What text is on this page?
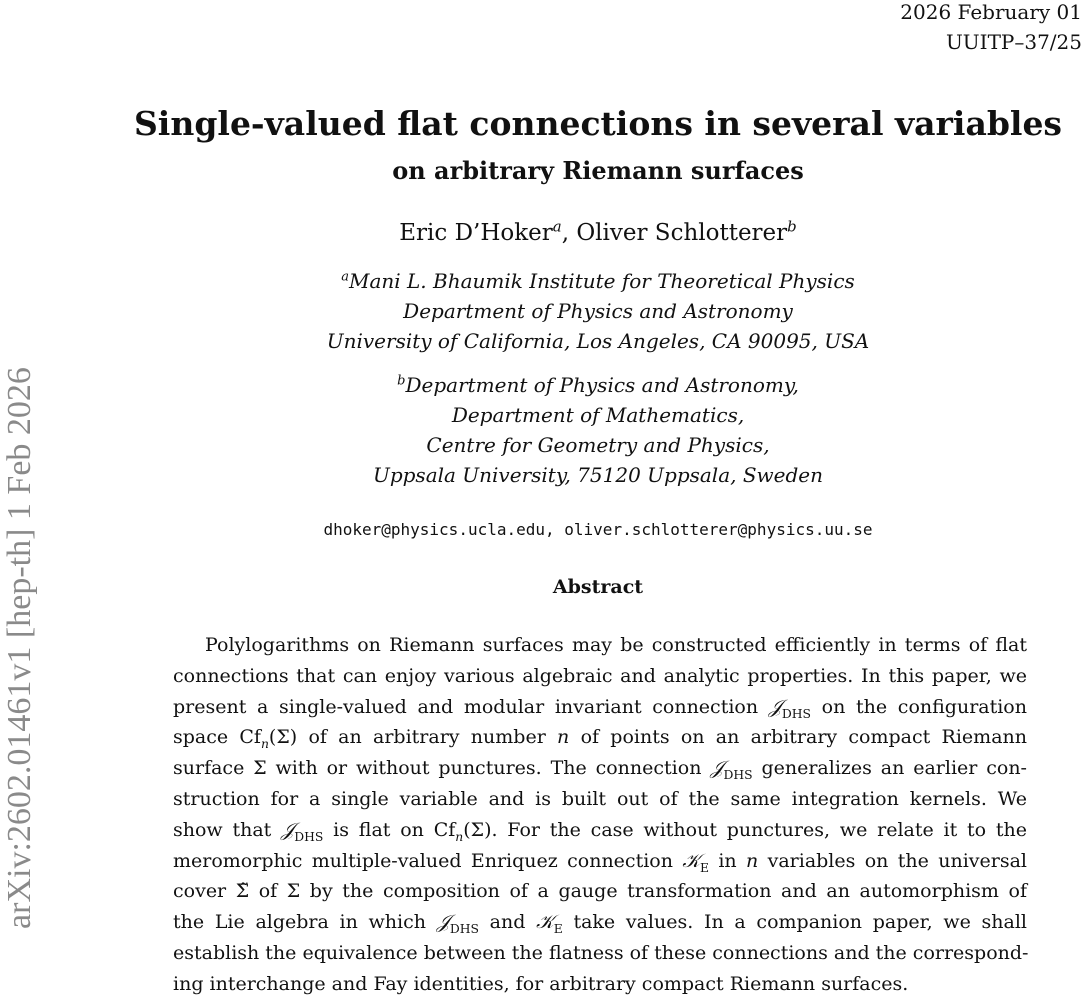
arXiv:2602.01461v1 [hep-th] 1 Feb 2026
2026 February 01
UUITP–37/25
Single-valued flat connections in several variables
on arbitrary Riemann surfaces
Eric D’Hoker$^a$, Oliver Schlotterer$^b$
$^a$Mani L. Bhaumik Institute for Theoretical Physics
Department of Physics and Astronomy
University of California, Los Angeles, CA 90095, USA
$^b$Department of Physics and Astronomy,
Department of Mathematics,
Centre for Geometry and Physics,
Uppsala University, 75120 Uppsala, Sweden
dhoker@physics.ucla.edu, oliver.schlotterer@physics.uu.se
Abstract
Polylogarithms on Riemann surfaces may be constructed efficiently in terms of flat
connections that can enjoy various algebraic and analytic properties. In this paper, we
present a single-valued and modular invariant connection 𝒥$_{DHS}$ on the configuration
space $Cf_n(\Sigma)$ of an arbitrary number n of points on an arbitrary compact Riemann
surface Σ with or without punctures. The connection 𝒥$_{DHS}$ generalizes an earlier con-
struction for a single variable and is built out of the same integration kernels. We
show that 𝒥$_{DHS}$ is flat on $Cf_n(\Sigma)$. For the case without punctures, we relate it to the
meromorphic multiple-valued Enriquez connection 𝒦$_E$ in n variables on the universal
cover Σ̃ of Σ by the composition of a gauge transformation and an automorphism of
the Lie algebra in which 𝒥$_{DHS}$ and 𝒦$_E$ take values. In a companion paper, we shall
establish the equivalence between the flatness of these connections and the correspond-
ing interchange and Fay identities, for arbitrary compact Riemann surfaces.
